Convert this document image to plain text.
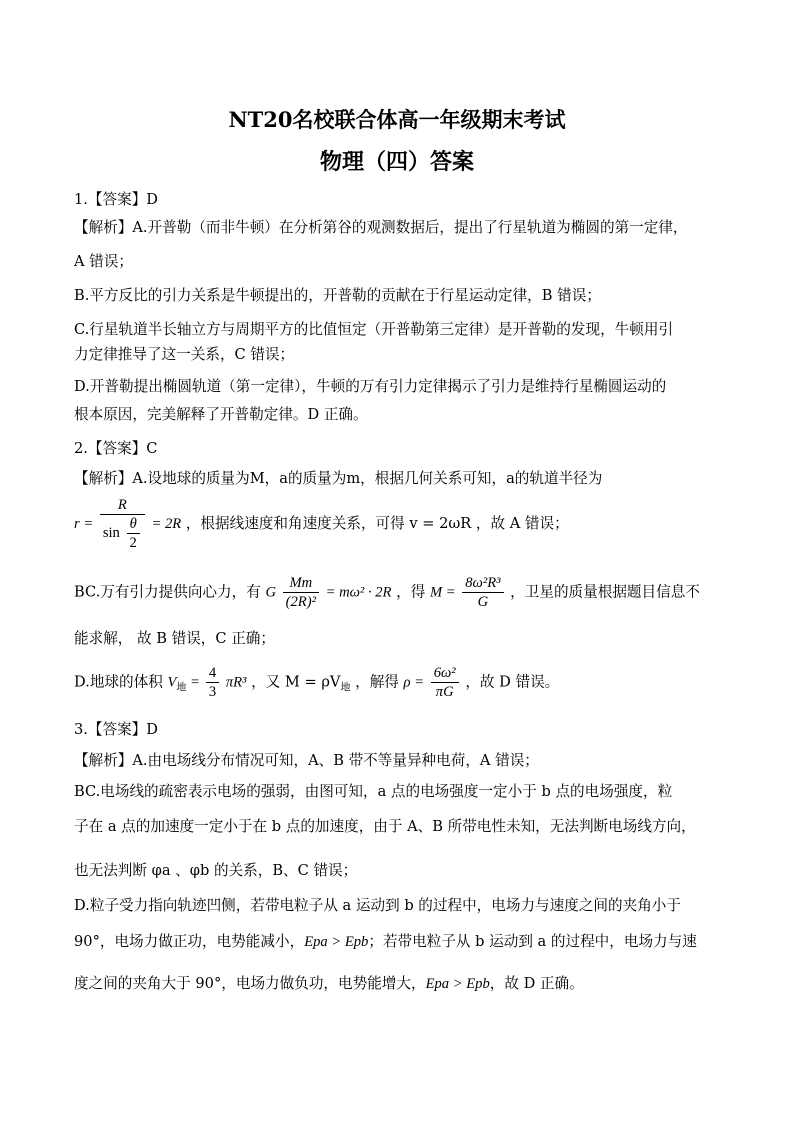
NT20名校联合体高一年级期末考试
物理（四）答案
1.【答案】D
【解析】A.开普勒（而非牛顿）在分析第谷的观测数据后，提出了行星轨道为椭圆的第一定律，
A 错误；
B.平方反比的引力关系是牛顿提出的，开普勒的贡献在于行星运动定律，B 错误；
C.行星轨道半长轴立方与周期平方的比值恒定（开普勒第三定律）是开普勒的发现，牛顿用引
力定律推导了这一关系，C 错误；
D.开普勒提出椭圆轨道（第一定律），牛顿的万有引力定律揭示了引力是维持行星椭圆运动的
根本原因，完美解释了开普勒定律。D 正确。
2.【答案】C
【解析】A.设地球的质量为M，a的质量为m，根据几何关系可知，a的轨道半径为
$r = \frac{R}{\sin \frac{\theta}{2}} = 2R$ ，根据线速度和角速度关系，可得 v = 2ωR ，故 A 错误；
BC.万有引力提供向心力，有 G $\frac{Mm}{\text{(2R)²}} = m\omega^2 \cdot 2R$ ，得 $M = \frac{\text{8ω²R³}}{G}$ ，卫星的质量根据题目信息不
能求解， 故 B 错误，C 正确；
D.地球的体积 $V_地 = \frac{4}{3} \pi R^3$ ，又 $M = \rho V_地$ ，解得 $\rho = \frac{\text{6ω²}}{\pi G}$ ，故 D 错误。
3.【答案】D
【解析】A.由电场线分布情况可知，A、B 带不等量异种电荷，A 错误；
BC.电场线的疏密表示电场的强弱，由图可知，a 点的电场强度一定小于 b 点的电场强度，粒
子在 a 点的加速度一定小于在 b 点的加速度，由于 A、B 所带电性未知，无法判断电场线方向，
也无法判断 φa 、φb 的关系，B、C 错误；
D.粒子受力指向轨迹凹侧，若带电粒子从 a 运动到 b 的过程中，电场力与速度之间的夹角小于
90°，电场力做正功，电势能减小，Epa > Epb；若带电粒子从 b 运动到 a 的过程中，电场力与速
度之间的夹角大于 90°，电场力做负功，电势能增大，Epa > Epb，故 D 正确。
